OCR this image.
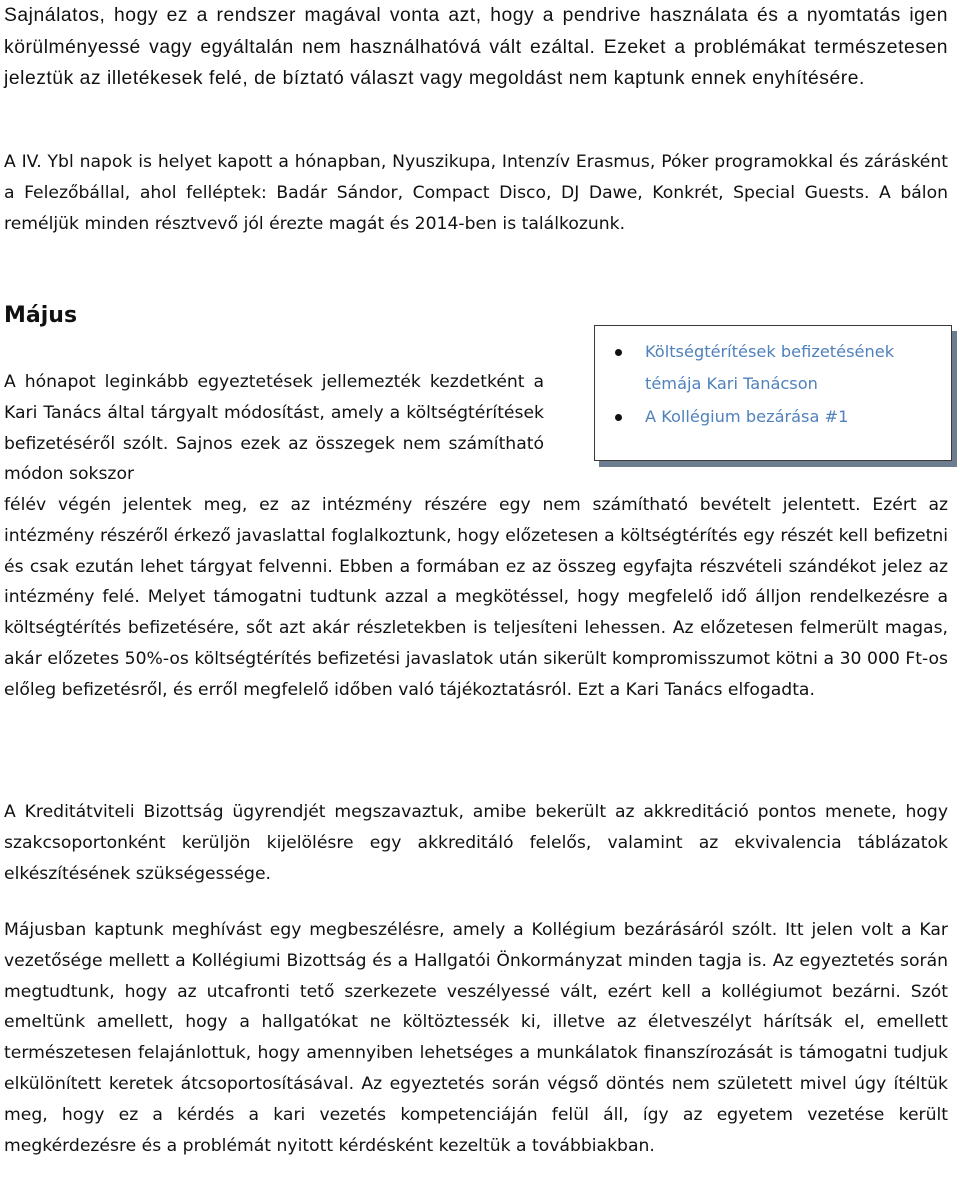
Sajnálatos, hogy ez a rendszer magával vonta azt, hogy a pendrive használata és a nyomtatás igen körülményessé vagy egyáltalán nem használhatóvá vált ezáltal. Ezeket a problémákat természetesen jeleztük az illetékesek felé, de bíztató választ vagy megoldást nem kaptunk ennek enyhítésére.

A IV. Ybl napok is helyet kapott a hónapban, Nyuszikupa, Intenzív Erasmus, Póker programokkal és zárásként a Felezőbállal, ahol felléptek: Badár Sándor, Compact Disco, DJ Dawe, Konkrét, Special Guests. A bálon reméljük minden résztvevő jól érezte magát és 2014-ben is találkozunk.

Május
Költségtérítések befizetésének
témája Kari Tanácson
A Kollégium bezárása #1

A hónapot leginkább egyeztetések jellemezték kezdetként a Kari Tanács által tárgyalt módosítást, amely a költségtérítések befizetéséről szólt. Sajnos ezek az összegek nem számítható módon sokszor

félév végén jelentek meg, ez az intézmény részére egy nem számítható bevételt jelentett. Ezért az intézmény részéről érkező javaslattal foglalkoztunk, hogy előzetesen a költségtérítés egy részét kell befizetni és csak ezután lehet tárgyat felvenni. Ebben a formában ez az összeg egyfajta részvételi szándékot jelez az intézmény felé. Melyet támogatni tudtunk azzal a megkötéssel, hogy megfelelő idő álljon rendelkezésre a költségtérítés befizetésére, sőt azt akár részletekben is teljesíteni lehessen. Az előzetesen felmerült magas, akár előzetes 50%-os költségtérítés befizetési javaslatok után sikerült kompromisszumot kötni a 30 000 Ft-os előleg befizetésről, és erről megfelelő időben való tájékoztatásról. Ezt a Kari Tanács elfogadta.

A Kreditátviteli Bizottság ügyrendjét megszavaztuk, amibe bekerült az akkreditáció pontos menete, hogy szakcsoportonként kerüljön kijelölésre egy akkreditáló felelős, valamint az ekvivalencia táblázatok elkészítésének szükségessége.

Májusban kaptunk meghívást egy megbeszélésre, amely a Kollégium bezárásáról szólt. Itt jelen volt a Kar vezetősége mellett a Kollégiumi Bizottság és a Hallgatói Önkormányzat minden tagja is. Az egyeztetés során megtudtunk, hogy az utcafronti tető szerkezete veszélyessé vált, ezért kell a kollégiumot bezárni. Szót emeltünk amellett, hogy a hallgatókat ne költöztessék ki, illetve az életveszélyt hárítsák el, emellett természetesen felajánlottuk, hogy amennyiben lehetséges a munkálatok finanszírozását is támogatni tudjuk elkülönített keretek átcsoportosításával. Az egyeztetés során végső döntés nem született mivel úgy ítéltük meg, hogy ez a kérdés a kari vezetés kompetenciáján felül áll, így az egyetem vezetése került megkérdezésre és a problémát nyitott kérdésként kezeltük a továbbiakban.
